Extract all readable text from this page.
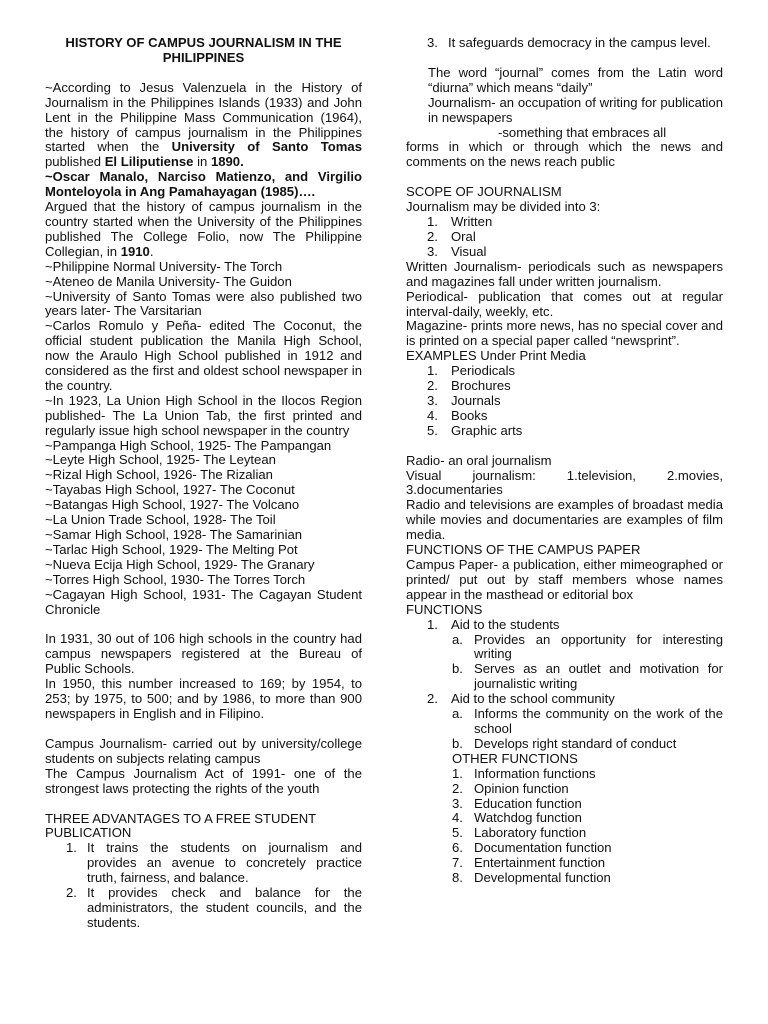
HISTORY OF CAMPUS JOURNALISM IN THE PHILIPPINES

~According to Jesus Valenzuela in the History of Journalism in the Philippines Islands (1933) and John Lent in the Philippine Mass Communication (1964), the history of campus journalism in the Philippines started when the University of Santo Tomas published El Liliputiense in 1890.

~Oscar Manalo, Narciso Matienzo, and Virgilio Monteloyola in Ang Pamahayagan (1985)….

Argued that the history of campus journalism in the country started when the University of the Philippines published The College Folio, now The Philippine Collegian, in 1910.

~Philippine Normal University- The Torch

~Ateneo de Manila University- The Guidon

~University of Santo Tomas were also published two years later- The Varsitarian

~Carlos Romulo y Peña- edited The Coconut, the official student publication the Manila High School, now the Araulo High School published in 1912 and considered as the first and oldest school newspaper in the country.

~In 1923, La Union High School in the Ilocos Region published- The La Union Tab, the first printed and regularly issue high school newspaper in the country

~Pampanga High School, 1925- The Pampangan

~Leyte High School, 1925- The Leytean

~Rizal High School, 1926- The Rizalian

~Tayabas High School, 1927- The Coconut

~Batangas High School, 1927- The Volcano

~La Union Trade School, 1928- The Toil

~Samar High School, 1928- The Samarinian

~Tarlac High School, 1929- The Melting Pot

~Nueva Ecija High School, 1929- The Granary

~Torres High School, 1930- The Torres Torch

~Cagayan High School, 1931- The Cagayan Student Chronicle

In 1931, 30 out of 106 high schools in the country had campus newspapers registered at the Bureau of Public Schools.

In 1950, this number increased to 169; by 1954, to 253; by 1975, to 500; and by 1986, to more than 900 newspapers in English and in Filipino.

Campus Journalism- carried out by university/college students on subjects relating campus

The Campus Journalism Act of 1991- one of the strongest laws protecting the rights of the youth

THREE ADVANTAGES TO A FREE STUDENT PUBLICATION

1. It trains the students on journalism and provides an avenue to concretely practice truth, fairness, and balance.
2. It provides check and balance for the administrators, the student councils, and the students.
3. It safeguards democracy in the campus level.

The word “journal” comes from the Latin word “diurna” which means “daily”

Journalism- an occupation of writing for publication in newspapers

-something that embraces all

forms in which or through which the news and comments on the news reach public

SCOPE OF JOURNALISM

Journalism may be divided into 3:

1. Written
2. Oral
3. Visual

Written Journalism- periodicals such as newspapers and magazines fall under written journalism.

Periodical- publication that comes out at regular interval-daily, weekly, etc.

Magazine- prints more news, has no special cover and is printed on a special paper called “newsprint”.

EXAMPLES Under Print Media

1. Periodicals
2. Brochures
3. Journals
4. Books
5. Graphic arts

Radio- an oral journalism

Visual journalism: 1.television, 2.movies, 3.documentaries

Radio and televisions are examples of broadast media while movies and documentaries are examples of film media.

FUNCTIONS OF THE CAMPUS PAPER

Campus Paper- a publication, either mimeographed or printed/ put out by staff members whose names appear in the masthead or editorial box

FUNCTIONS

1. Aid to the students
a. Provides an opportunity for interesting writing
b. Serves as an outlet and motivation for journalistic writing
2. Aid to the school community
a. Informs the community on the work of the school
b. Develops right standard of conduct

OTHER FUNCTIONS

1. Information functions
2. Opinion function
3. Education function
4. Watchdog function
5. Laboratory function
6. Documentation function
7. Entertainment function
8. Developmental function
